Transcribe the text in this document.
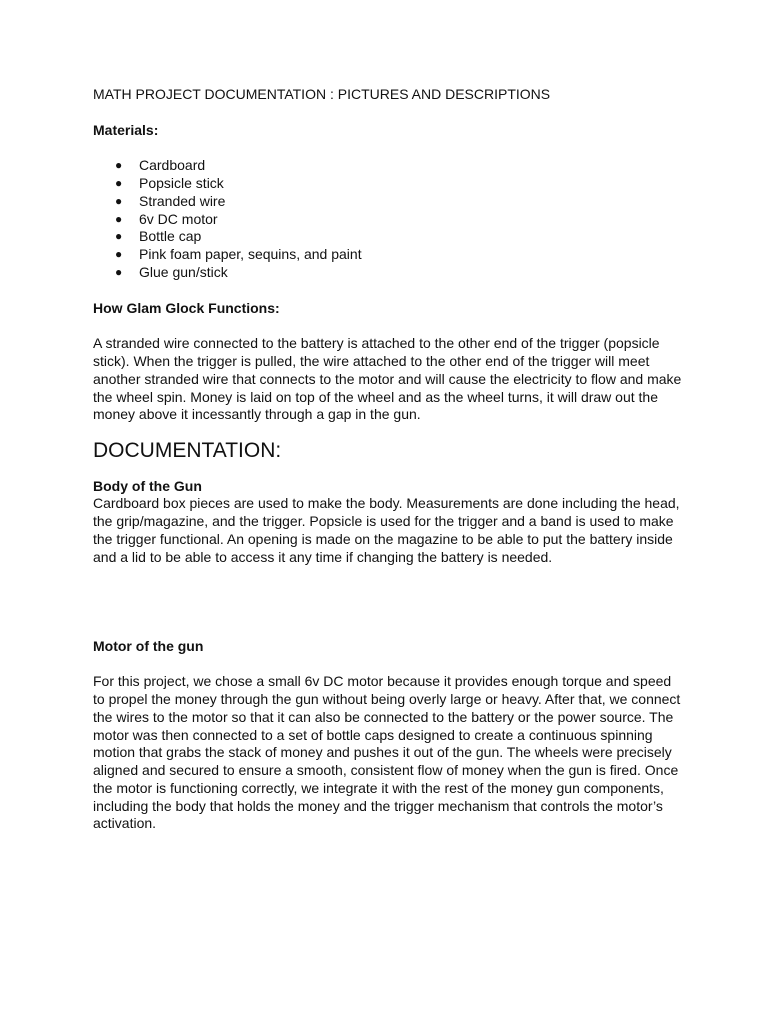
MATH PROJECT DOCUMENTATION : PICTURES AND DESCRIPTIONS
Materials:
● Cardboard
● Popsicle stick
● Stranded wire
● 6v DC motor
● Bottle cap
● Pink foam paper, sequins, and paint
● Glue gun/stick
How Glam Glock Functions:

A stranded wire connected to the battery is attached to the other end of the trigger (popsicle stick). When the trigger is pulled, the wire attached to the other end of the trigger will meet another stranded wire that connects to the motor and will cause the electricity to flow and make the wheel spin. Money is laid on top of the wheel and as the wheel turns, it will draw out the money above it incessantly through a gap in the gun.

DOCUMENTATION:
Body of the Gun

Cardboard box pieces are used to make the body. Measurements are done including the head, the grip/magazine, and the trigger. Popsicle is used for the trigger and a band is used to make the trigger functional. An opening is made on the magazine to be able to put the battery inside and a lid to be able to access it any time if changing the battery is needed.

Motor of the gun

For this project, we chose a small 6v DC motor because it provides enough torque and speed to propel the money through the gun without being overly large or heavy. After that, we connect the wires to the motor so that it can also be connected to the battery or the power source. The motor was then connected to a set of bottle caps designed to create a continuous spinning motion that grabs the stack of money and pushes it out of the gun. The wheels were precisely aligned and secured to ensure a smooth, consistent flow of money when the gun is fired. Once the motor is functioning correctly, we integrate it with the rest of the money gun components, including the body that holds the money and the trigger mechanism that controls the motor’s activation.
